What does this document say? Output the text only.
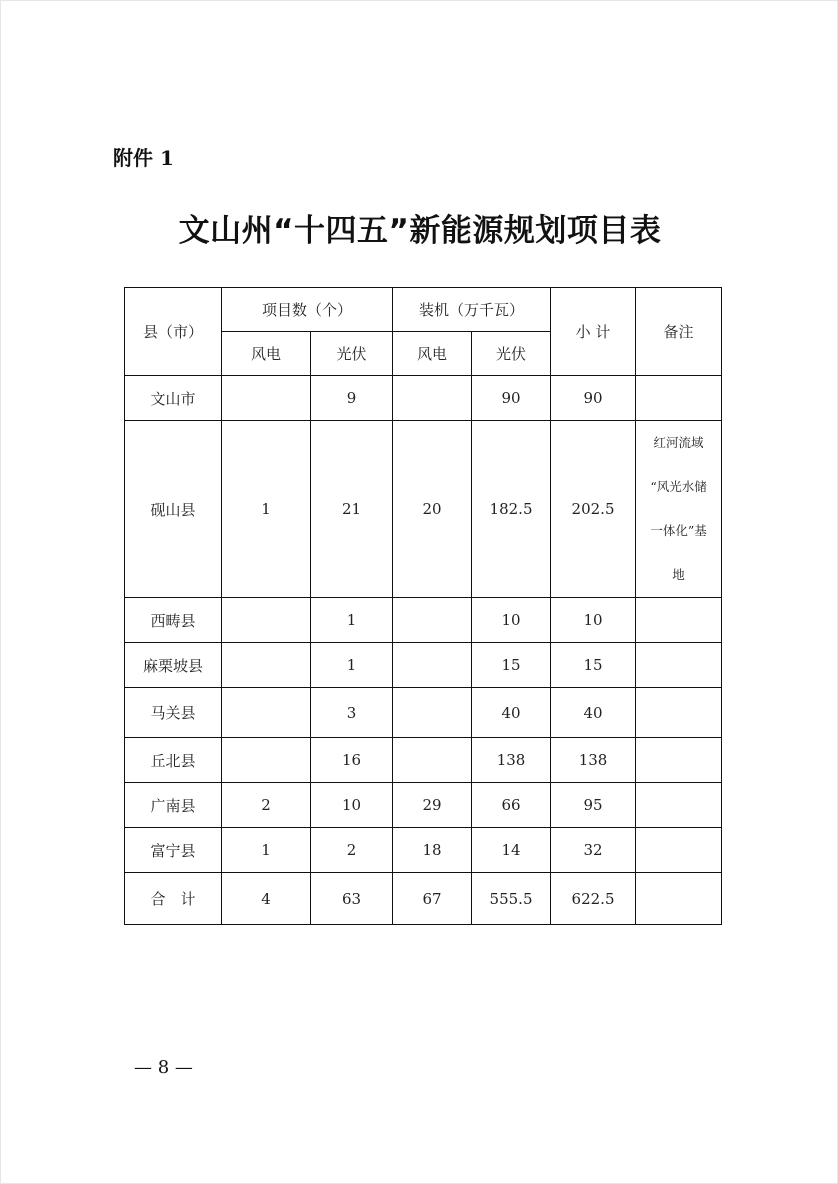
附件 1
文山州“十四五”新能源规划项目表
县（市）	项目数（个）		装机（万千瓦）		小 计	备注
	风电	光伏	风电	光伏		
文山市		9		90	90	
砚山县	1	21	20	182.5	202.5	红河流域
“风光水储
一体化”基
地

西畴县		1		10	10	
麻栗坡县		1		15	15	
马关县		3		40	40	
丘北县		16		138	138	
广南县	2	10	29	66	95	
富宁县	1	2	18	14	32	
合　计	4	63	67	555.5	622.5	
— 8 —
